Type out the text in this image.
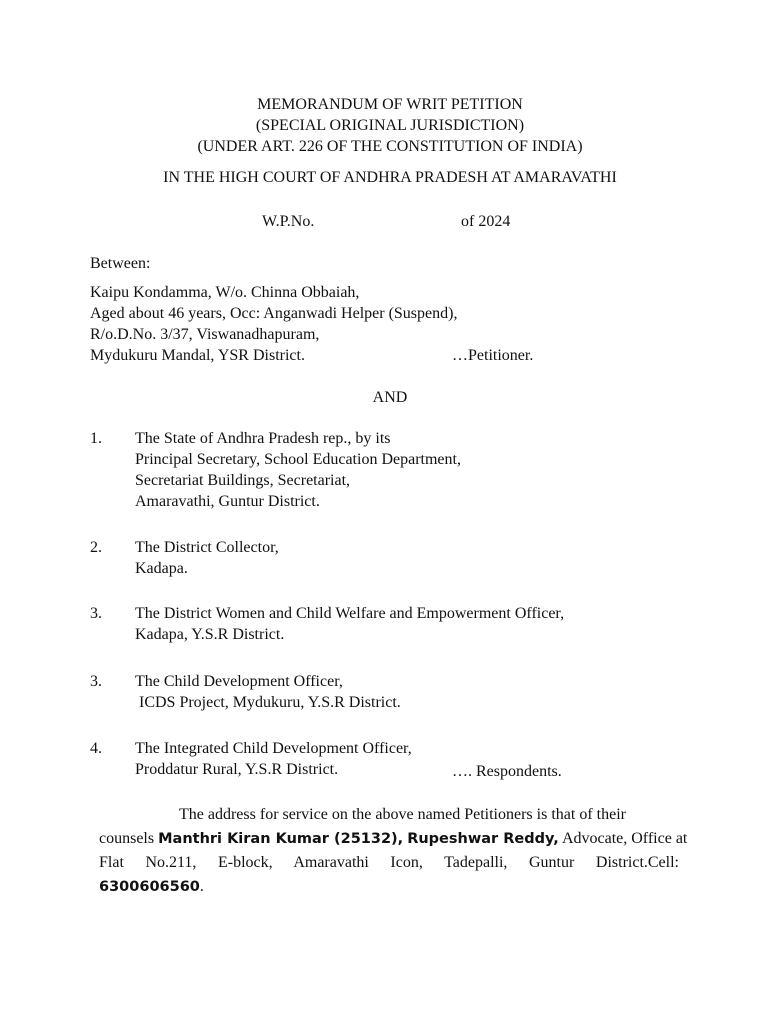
MEMORANDUM OF WRIT PETITION
(SPECIAL ORIGINAL JURISDICTION)
(UNDER ART. 226 OF THE CONSTITUTION OF INDIA)
IN THE HIGH COURT OF ANDHRA PRADESH AT AMARAVATHI
W.P.No.	of 2024
Between:
Kaipu Kondamma, W/o. Chinna Obbaiah,
Aged about 46 years, Occ: Anganwadi Helper (Suspend),
R/o.D.No. 3/37, Viswanadhapuram,
Mydukuru Mandal, YSR District.	…Petitioner.
AND
1. The State of Andhra Pradesh rep., by its
Principal Secretary, School Education Department,
Secretariat Buildings, Secretariat,
Amaravathi, Guntur District.
2. The District Collector,
Kadapa.
3. The District Women and Child Welfare and Empowerment Officer,
Kadapa, Y.S.R District.
3. The Child Development Officer,
ICDS Project, Mydukuru, Y.S.R District.
4. The Integrated Child Development Officer,
Proddatur Rural, Y.S.R District.	…. Respondents.
The address for service on the above named Petitioners is that of their
counsels Manthri Kiran Kumar (25132), Rupeshwar Reddy, Advocate, Office at
Flat No.211, E-block, Amaravathi Icon, Tadepalli, Guntur District.Cell:
6300606560.
